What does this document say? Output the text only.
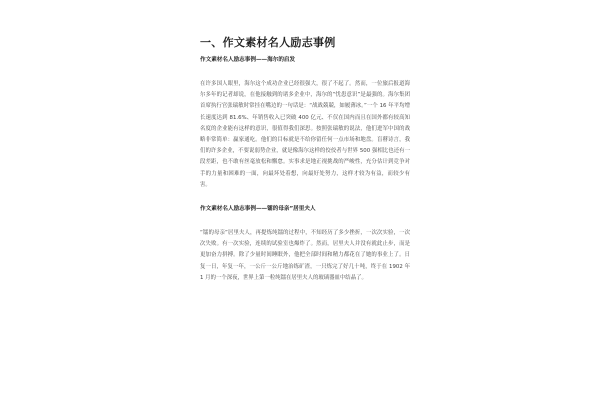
一、作文素材名人励志事例
作文素材名人励志事例——海尔的启发

在许多国人眼里，海尔这个成功企业已经很强大，很了不起了。然而，一位旅后报道海尔多年的记者却说，在他接触到的诸多企业中，海尔的“忧患意识”是最强的。海尔集团首席执行官张瑞敏时常挂在嘴边的一句话是：“战战兢兢，如履薄冰。”一个 16 年平均增长速度达到 81.6%、年销售收入已突破 400 亿元、不仅在国内而且在国外都有较高知名度的企业能有这样的意识，很值得我们深思。按照张瑞敏的说法，他们进军中国的战略非常简单：赢家通吃。他们的目标就是不给你留任何一点市场和地盘。盲瞽诗言，我们的许多企业，不要说弱势企业，就是像海尔这样的佼佼者与世界 500 强相比也还有一段差距，也不敢有丝毫放松和懈怠。实事求是地正视挑战的严峻性，充分估计到竞争对手的力量和困难的一面，向最坏处着想，向最好处努力，这样才较为有益，而较少有害。

作文素材名人励志事例——镭的母亲”居里夫人

“镭的母亲”居里夫人，再提炼纯镭的过程中，不知经历了多少挫折，一次次实验，一次次失败。有一次实验，连续的试验室也爆炸了。然而，居里夫人并没有就此止步，而是更加奋力拼搏。除了少量时间睡眠外，他把全部时间和精力都花在了她的事业上了。日复一日，年复一年，一公斤一公斤地治练矿渣，一只炼完了好几十吨，终于在 1902 年 1 月的一个深夜，世界上第一粒纯镭在居里夫人的玻璃器皿中结晶了。
